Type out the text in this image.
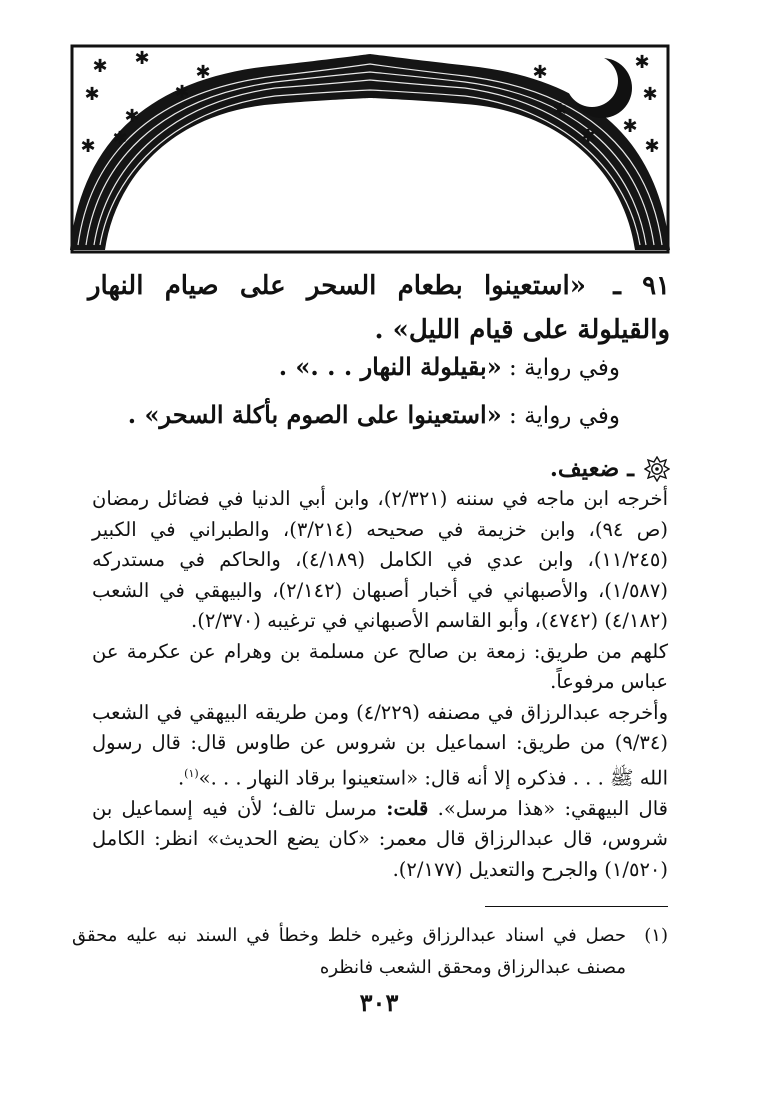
✱ ✱
✱
✱
✱
✱
✱ ✱
✱
✱
✱
✱
✱
✱
✱
٩١ ـ «استعينوا بطعام السحر على صيام النهار والقيلولة على قيام الليل» .
وفي رواية : «بقيلولة النهار . . .» .
وفي رواية : «استعينوا على الصوم بأكلة السحر» .
ـ ضعيف.

أخرجه ابن ماجه في سننه (٢/٣٢١)، وابن أبي الدنيا في فضائل رمضان (ص ٩٤)، وابن خزيمة في صحيحه (٣/٢١٤)، والطبراني في الكبير (١١/٢٤٥)، وابن عدي في الكامل (٤/١٨٩)، والحاكم في مستدركه (١/٥٨٧)، والأصبهاني في أخبار أصبهان (٢/١٤٢)، والبيهقي في الشعب (٤/١٨٢) (٤٧٤٢)، وأبو القاسم الأصبهاني في ترغيبه (٢/٣٧٠).

كلهم من طريق: زمعة بن صالح عن مسلمة بن وهرام عن عكرمة عن عباس مرفوعاً.

وأخرجه عبدالرزاق في مصنفه (٤/٢٢٩) ومن طريقه البيهقي في الشعب (٩/٣٤) من طريق: اسماعيل بن شروس عن طاوس قال: قال رسول الله ﷺ . . . فذكره إلا أنه قال: «استعينوا برقاد النهار . . .»$^{(١)}$.

قال البيهقي: «هذا مرسل». قلت: مرسل تالف؛ لأن فيه إسماعيل بن شروس، قال عبدالرزاق قال معمر: «كان يضع الحديث» انظر: الكامل (١/٥٢٠) والجرح والتعديل (٢/١٧٧).

(١)
حصل في اسناد عبدالرزاق وغيره خلط وخطأ في السند نبه عليه محقق مصنف عبدالرزاق ومحقق الشعب فانظره
٣٠٣
